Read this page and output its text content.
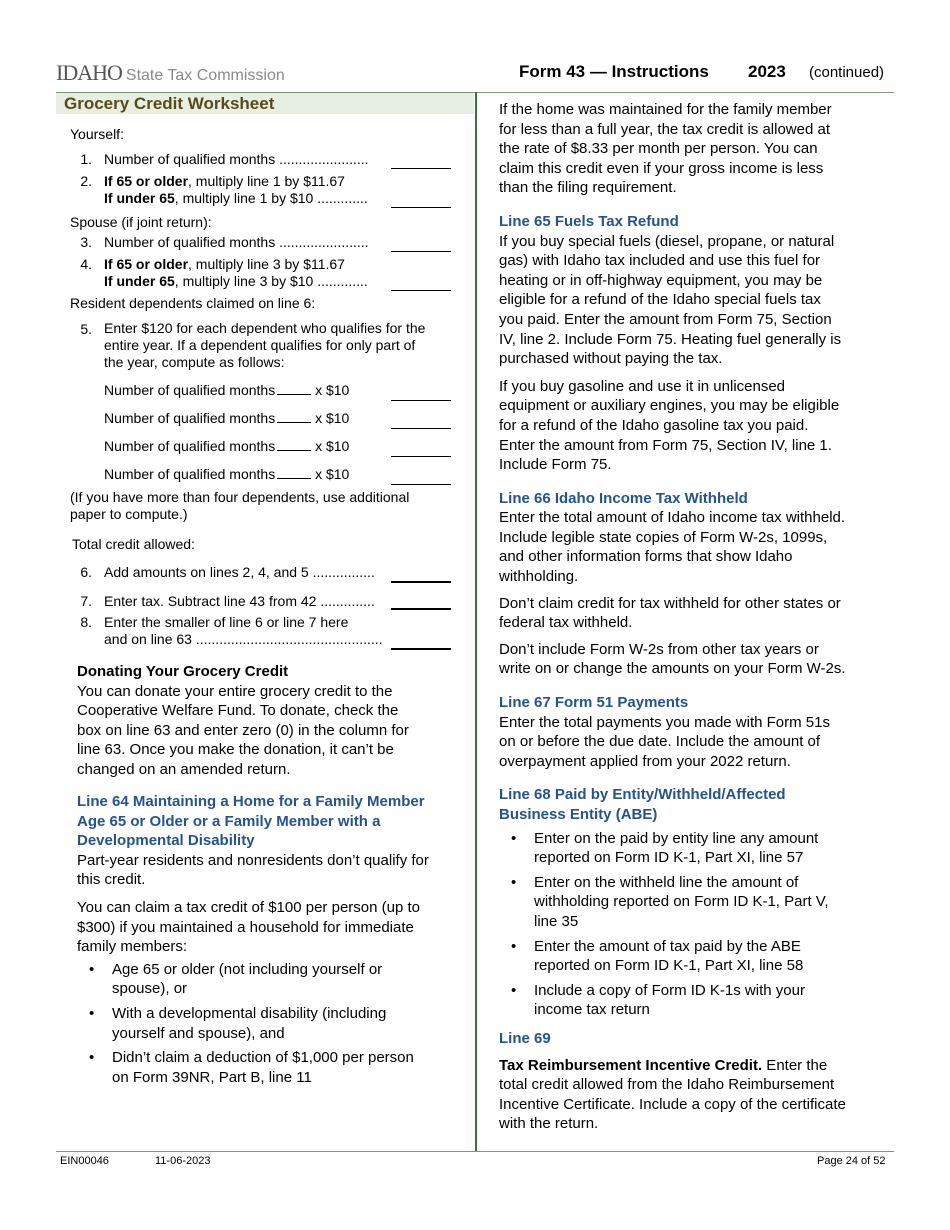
IDAHO State Tax Commission	Form 43 — Instructions 2023 (continued)
Grocery Credit Worksheet
Yourself:
1. Number of qualified months .......................
2. If 65 or older, multiply line 1 by $11.67
If under 65, multiply line 1 by $10 .............
Spouse (if joint return):
3. Number of qualified months .......................
4. If 65 or older, multiply line 3 by $11.67
If under 65, multiply line 3 by $10 .............
Resident dependents claimed on line 6:
5. Enter $120 for each dependent who qualifies for the
entire year. If a dependent qualifies for only part of
the year, compute as follows:
Number of qualified months	x $10
Number of qualified months	x $10
Number of qualified months	x $10
Number of qualified months	x $10
(If you have more than four dependents, use additional
paper to compute.)
Total credit allowed:
6. Add amounts on lines 2, 4, and 5 ................
7. Enter tax. Subtract line 43 from 42 ..............
8. Enter the smaller of line 6 or line 7 here
and on line 63 ................................................
Donating Your Grocery Credit
You can donate your entire grocery credit to the
Cooperative Welfare Fund. To donate, check the
box on line 63 and enter zero (0) in the column for
line 63. Once you make the donation, it can’t be
changed on an amended return.
Line 64 Maintaining a Home for a Family Member
Age 65 or Older or a Family Member with a
Developmental Disability
Part-year residents and nonresidents don’t qualify for
this credit.
You can claim a tax credit of $100 per person (up to
$300) if you maintained a household for immediate
family members:
• Age 65 or older (not including yourself or
spouse), or
• With a developmental disability (including
yourself and spouse), and
• Didn’t claim a deduction of $1,000 per person
on Form 39NR, Part B, line 11
If the home was maintained for the family member
for less than a full year, the tax credit is allowed at
the rate of $8.33 per month per person. You can
claim this credit even if your gross income is less
than the filing requirement.
Line 65 Fuels Tax Refund
If you buy special fuels (diesel, propane, or natural
gas) with Idaho tax included and use this fuel for
heating or in off-highway equipment, you may be
eligible for a refund of the Idaho special fuels tax
you paid. Enter the amount from Form 75, Section
IV, line 2. Include Form 75. Heating fuel generally is
purchased without paying the tax.
If you buy gasoline and use it in unlicensed
equipment or auxiliary engines, you may be eligible
for a refund of the Idaho gasoline tax you paid.
Enter the amount from Form 75, Section IV, line 1.
Include Form 75.
Line 66 Idaho Income Tax Withheld
Enter the total amount of Idaho income tax withheld.
Include legible state copies of Form W-2s, 1099s,
and other information forms that show Idaho
withholding.
Don’t claim credit for tax withheld for other states or
federal tax withheld.
Don’t include Form W-2s from other tax years or
write on or change the amounts on your Form W-2s.
Line 67 Form 51 Payments
Enter the total payments you made with Form 51s
on or before the due date. Include the amount of
overpayment applied from your 2022 return.
Line 68 Paid by Entity/Withheld/Affected
Business Entity (ABE)
• Enter on the paid by entity line any amount
reported on Form ID K-1, Part XI, line 57
• Enter on the withheld line the amount of
withholding reported on Form ID K-1, Part V,
line 35
• Enter the amount of tax paid by the ABE
reported on Form ID K-1, Part XI, line 58
• Include a copy of Form ID K-1s with your
income tax return
Line 69
Tax Reimbursement Incentive Credit. Enter the
total credit allowed from the Idaho Reimbursement
Incentive Certificate. Include a copy of the certificate
with the return.
EIN00046	11-06-2023	Page 24 of 52
